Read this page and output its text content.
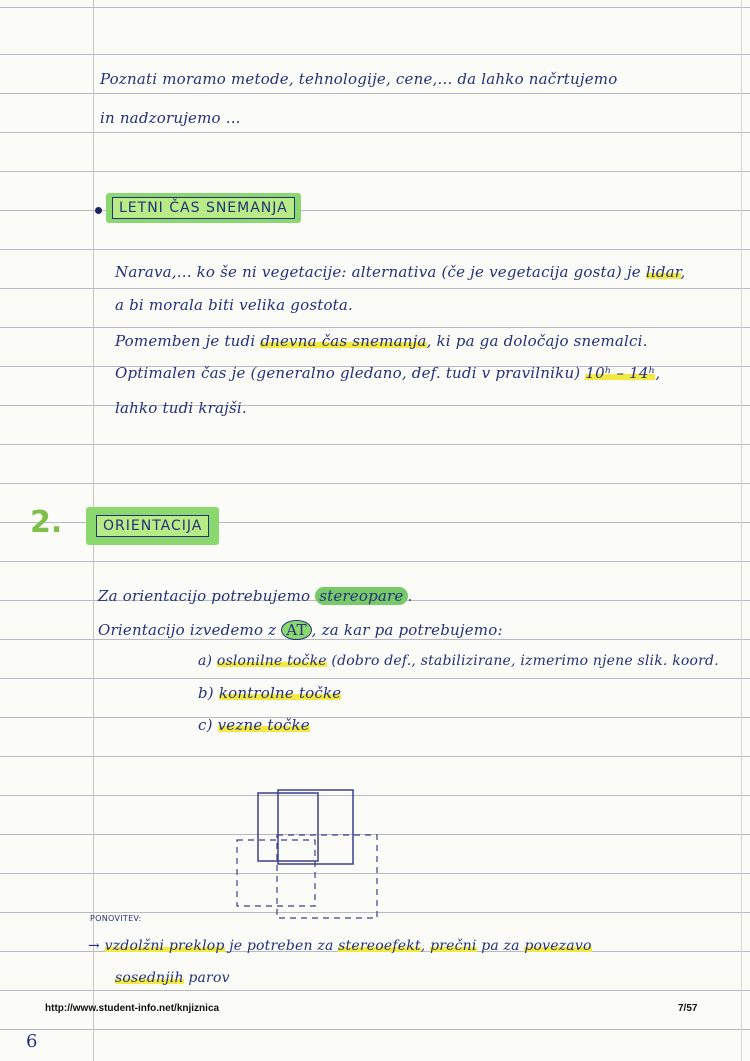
Poznati moramo metode, tehnologije, cene,... da lahko načrtujemo
in nadzorujemo ...
LETNI ČAS SNEMANJA
Narava,... ko še ni vegetacije: alternativa (če je vegetacija gosta) je lidar,
a bi morala biti velika gostota.
Pomemben je tudi dnevna čas snemanja, ki pa ga določajo snemalci.
Optimalen čas je (generalno gledano, def. tudi v pravilniku) 10ʰ – 14ʰ,
lahko tudi krajši.
2.	ORIENTACIJA
Za orientacijo potrebujemo stereopare .
Orientacijo izvedemo z AT , za kar pa potrebujemo:
a) oslonilne točke (dobro def., stabilizirane, izmerimo njene slik. koord.
b) kontrolne točke
c) vezne točke
PONOVITEV:
→ vzdolžni preklop je potreben za stereoefekt, prečni pa za povezavo
sosednjih parov
http://www.student-info.net/knjiznica	7/57
6
